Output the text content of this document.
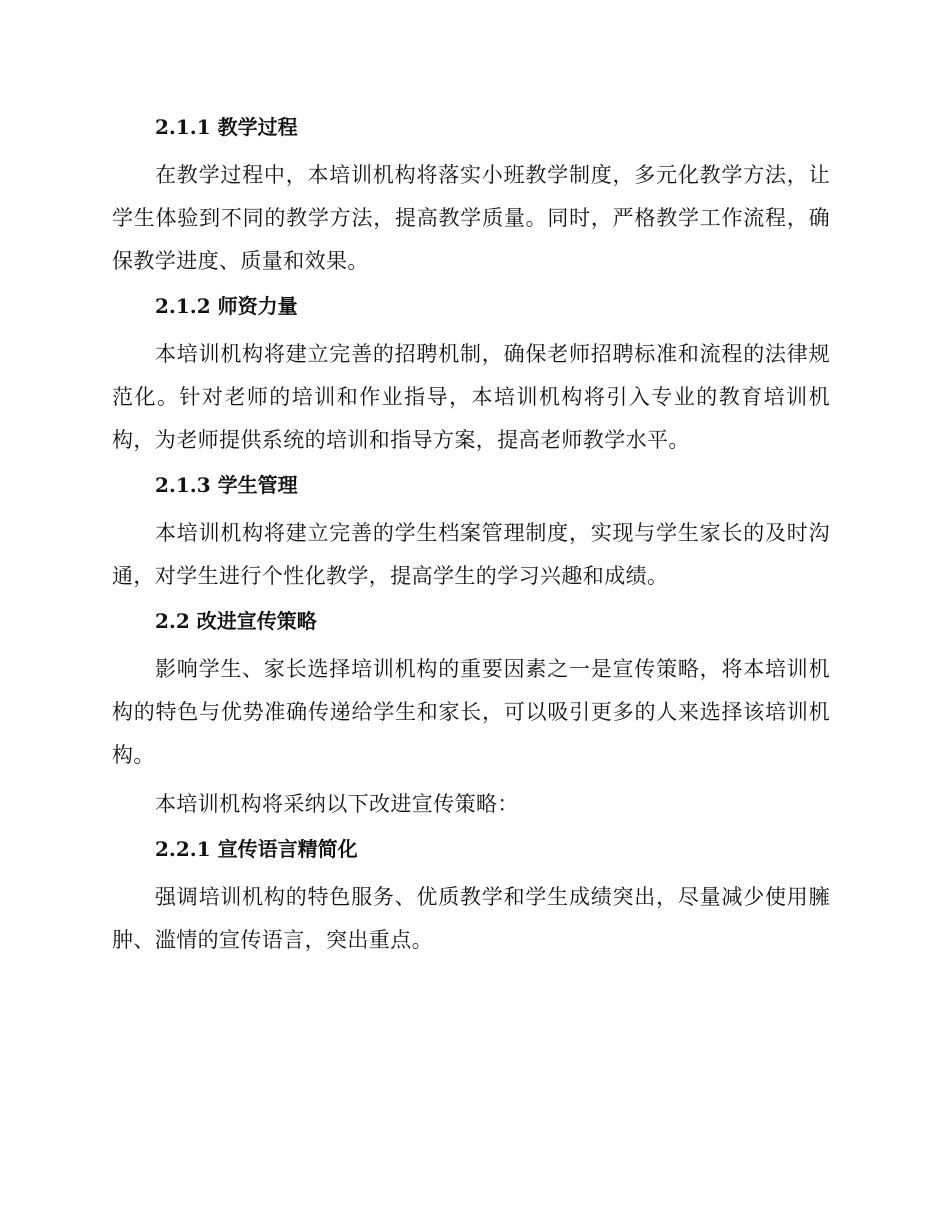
2.1.1 教学过程

在教学过程中，本培训机构将落实小班教学制度，多元化教学方法，让学生体验到不同的教学方法，提高教学质量。同时，严格教学工作流程，确保教学进度、质量和效果。

2.1.2 师资力量

本培训机构将建立完善的招聘机制，确保老师招聘标准和流程的法律规范化。针对老师的培训和作业指导，本培训机构将引入专业的教育培训机构，为老师提供系统的培训和指导方案，提高老师教学水平。

2.1.3 学生管理

本培训机构将建立完善的学生档案管理制度，实现与学生家长的及时沟通，对学生进行个性化教学，提高学生的学习兴趣和成绩。

2.2 改进宣传策略

影响学生、家长选择培训机构的重要因素之一是宣传策略，将本培训机构的特色与优势准确传递给学生和家长，可以吸引更多的人来选择该培训机构。

本培训机构将采纳以下改进宣传策略：

2.2.1 宣传语言精简化

强调培训机构的特色服务、优质教学和学生成绩突出，尽量减少使用臃肿、滥情的宣传语言，突出重点。
